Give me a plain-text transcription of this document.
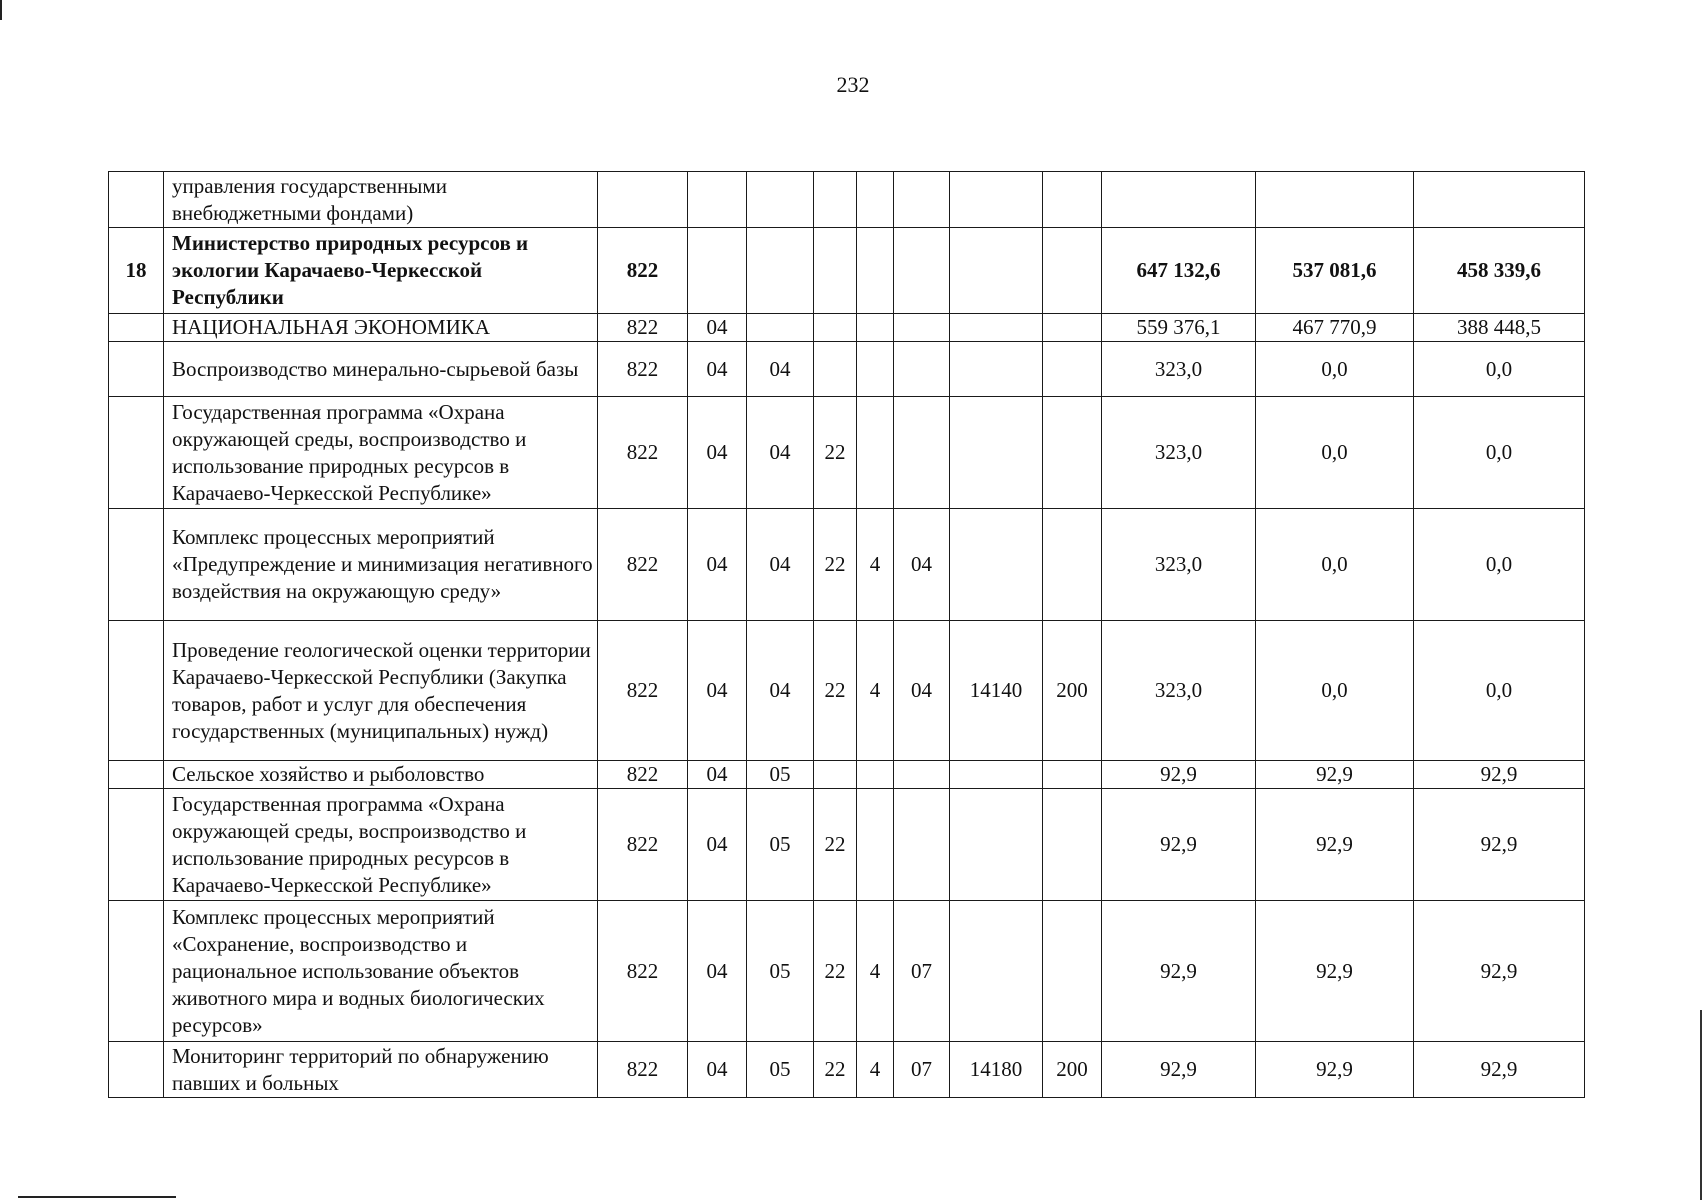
232
	управления государственными внебюджетными фондами)											
18	Министерство природных ресурсов и экологии Карачаево-Черкесской Республики	822								647 132,6	537 081,6	458 339,6
	НАЦИОНАЛЬНАЯ ЭКОНОМИКА	822	04							559 376,1	467 770,9	388 448,5
	Воспроизводство минерально-сырьевой базы	822	04	04						323,0	0,0	0,0
	Государственная программа «Охрана окружающей среды, воспроизводство и использование природных ресурсов в Карачаево-Черкесской Республике»	822	04	04	22					323,0	0,0	0,0
	Комплекс процессных мероприятий «Предупреждение и минимизация негативного воздействия на окружающую среду»	822	04	04	22	4	04			323,0	0,0	0,0
	Проведение геологической оценки территории Карачаево-Черкесской Республики (Закупка товаров, работ и услуг для обеспечения государственных (муниципальных) нужд)	822	04	04	22	4	04	14140	200	323,0	0,0	0,0
	Сельское хозяйство и рыболовство	822	04	05						92,9	92,9	92,9
	Государственная программа «Охрана окружающей среды, воспроизводство и использование природных ресурсов в Карачаево-Черкесской Республике»	822	04	05	22					92,9	92,9	92,9
	Комплекс процессных мероприятий «Сохранение, воспроизводство и рациональное использование объектов животного мира и водных биологических ресурсов»	822	04	05	22	4	07			92,9	92,9	92,9
	Мониторинг территорий по обнаружению павших и больных	822	04	05	22	4	07	14180	200	92,9	92,9	92,9
